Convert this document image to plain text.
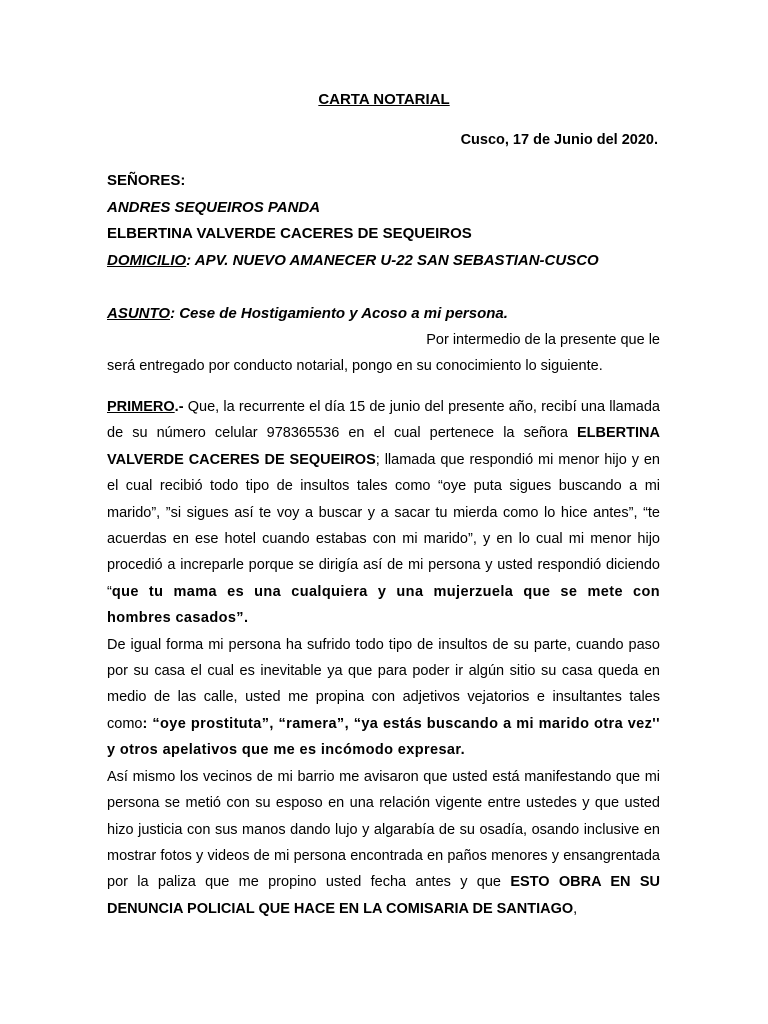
CARTA NOTARIAL
Cusco, 17 de Junio del 2020.
SEÑORES:
ANDRES SEQUEIROS PANDA
ELBERTINA VALVERDE CACERES DE SEQUEIROS
DOMICILIO: APV. NUEVO AMANECER U-22 SAN SEBASTIAN-CUSCO
ASUNTO: Cese de Hostigamiento y Acoso a mi persona.

Por intermedio de la presente que le

será entregado por conducto notarial, pongo en su conocimiento lo siguiente.

PRIMERO.- Que, la recurrente el día 15 de junio del presente año, recibí una llamada de su número celular 978365536 en el cual pertenece la señora ELBERTINA VALVERDE CACERES DE SEQUEIROS; llamada que respondió mi menor hijo y en el cual recibió todo tipo de insultos tales como “oye puta sigues buscando a mi marido”, ”si sigues así te voy a buscar y a sacar tu mierda como lo hice antes”, “te acuerdas en ese hotel cuando estabas con mi marido”, y en lo cual mi menor hijo procedió a increparle porque se dirigía así de mi persona y usted respondió diciendo “que tu mama es una cualquiera y una mujerzuela que se mete con hombres casados”.

De igual forma mi persona ha sufrido todo tipo de insultos de su parte, cuando paso por su casa el cual es inevitable ya que para poder ir algún sitio su casa queda en medio de las calle, usted me propina con adjetivos vejatorios e insultantes tales como: “oye prostituta”, “ramera”, “ya estás buscando a mi marido otra vez'' y otros apelativos que me es incómodo expresar.

Así mismo los vecinos de mi barrio me avisaron que usted está manifestando que mi persona se metió con su esposo en una relación vigente entre ustedes y que usted hizo justicia con sus manos dando lujo y algarabía de su osadía, osando inclusive en mostrar fotos y videos de mi persona encontrada en paños menores y ensangrentada por la paliza que me propino usted fecha antes y que ESTO OBRA EN SU DENUNCIA POLICIAL QUE HACE EN LA COMISARIA DE SANTIAGO,
